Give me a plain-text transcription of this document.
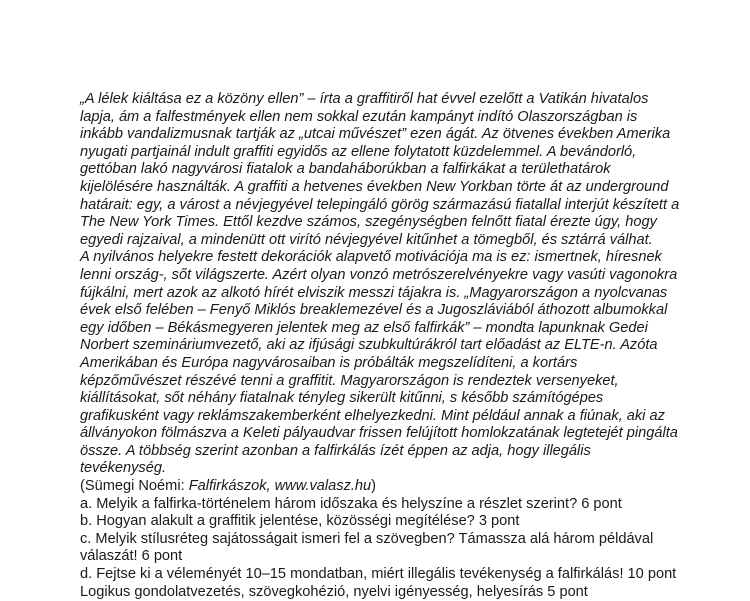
„A lélek kiáltása ez a közöny ellen” – írta a graffitiről hat évvel ezelőtt a Vatikán hivatalos
lapja, ám a falfestmények ellen nem sokkal ezután kampányt indító Olaszországban is
inkább vandalizmusnak tartják az „utcai művészet” ezen ágát. Az ötvenes években Amerika
nyugati partjainál indult graffiti egyidős az ellene folytatott küzdelemmel. A bevándorló,
gettóban lakó nagyvárosi fiatalok a bandaháborúkban a falfirkákat a területhatárok
kijelölésére használták. A graffiti a hetvenes években New Yorkban törte át az underground
határait: egy, a várost a névjegyével telepingáló görög származású fiatallal interjút készített a
The New York Times. Ettől kezdve számos, szegénységben felnőtt fiatal érezte úgy, hogy
egyedi rajzaival, a mindenütt ott virító névjegyével kitűnhet a tömegből, és sztárrá válhat.
A nyilvános helyekre festett dekorációk alapvető motivációja ma is ez: ismertnek, híresnek
lenni ország-, sőt világszerte. Azért olyan vonzó metrószerelvényekre vagy vasúti vagonokra
fújkálni, mert azok az alkotó hírét elviszik messzi tájakra is. „Magyarországon a nyolcvanas
évek első felében – Fenyő Miklós breaklemezével és a Jugoszláviából áthozott albumokkal
egy időben – Békásmegyeren jelentek meg az első falfirkák” – mondta lapunknak Gedei
Norbert szemináriumvezető, aki az ifjúsági szubkultúrákról tart előadást az ELTE-n. Azóta
Amerikában és Európa nagyvárosaiban is próbálták megszelídíteni, a kortárs
képzőművészet részévé tenni a graffitit. Magyarországon is rendeztek versenyeket,
kiállításokat, sőt néhány fiatalnak tényleg sikerült kitűnni, s később számítógépes
grafikusként vagy reklámszakemberként elhelyezkedni. Mint például annak a fiúnak, aki az
állványokon fölmászva a Keleti pályaudvar frissen felújított homlokzatának legtetejét pingálta
össze. A többség szerint azonban a falfirkálás ízét éppen az adja, hogy illegális
tevékenység.
(Sümegi Noémi: Falfirkászok, www.valasz.hu)
a. Melyik a falfirka-történelem három időszaka és helyszíne a részlet szerint? 6 pont
b. Hogyan alakult a graffitik jelentése, közösségi megítélése? 3 pont
c. Melyik stílusréteg sajátosságait ismeri fel a szövegben? Támassza alá három példával
válaszát! 6 pont
d. Fejtse ki a véleményét 10–15 mondatban, miért illegális tevékenység a falfirkálás! 10 pont
Logikus gondolatvezetés, szövegkohézió, nyelvi igényesség, helyesírás 5 pont
